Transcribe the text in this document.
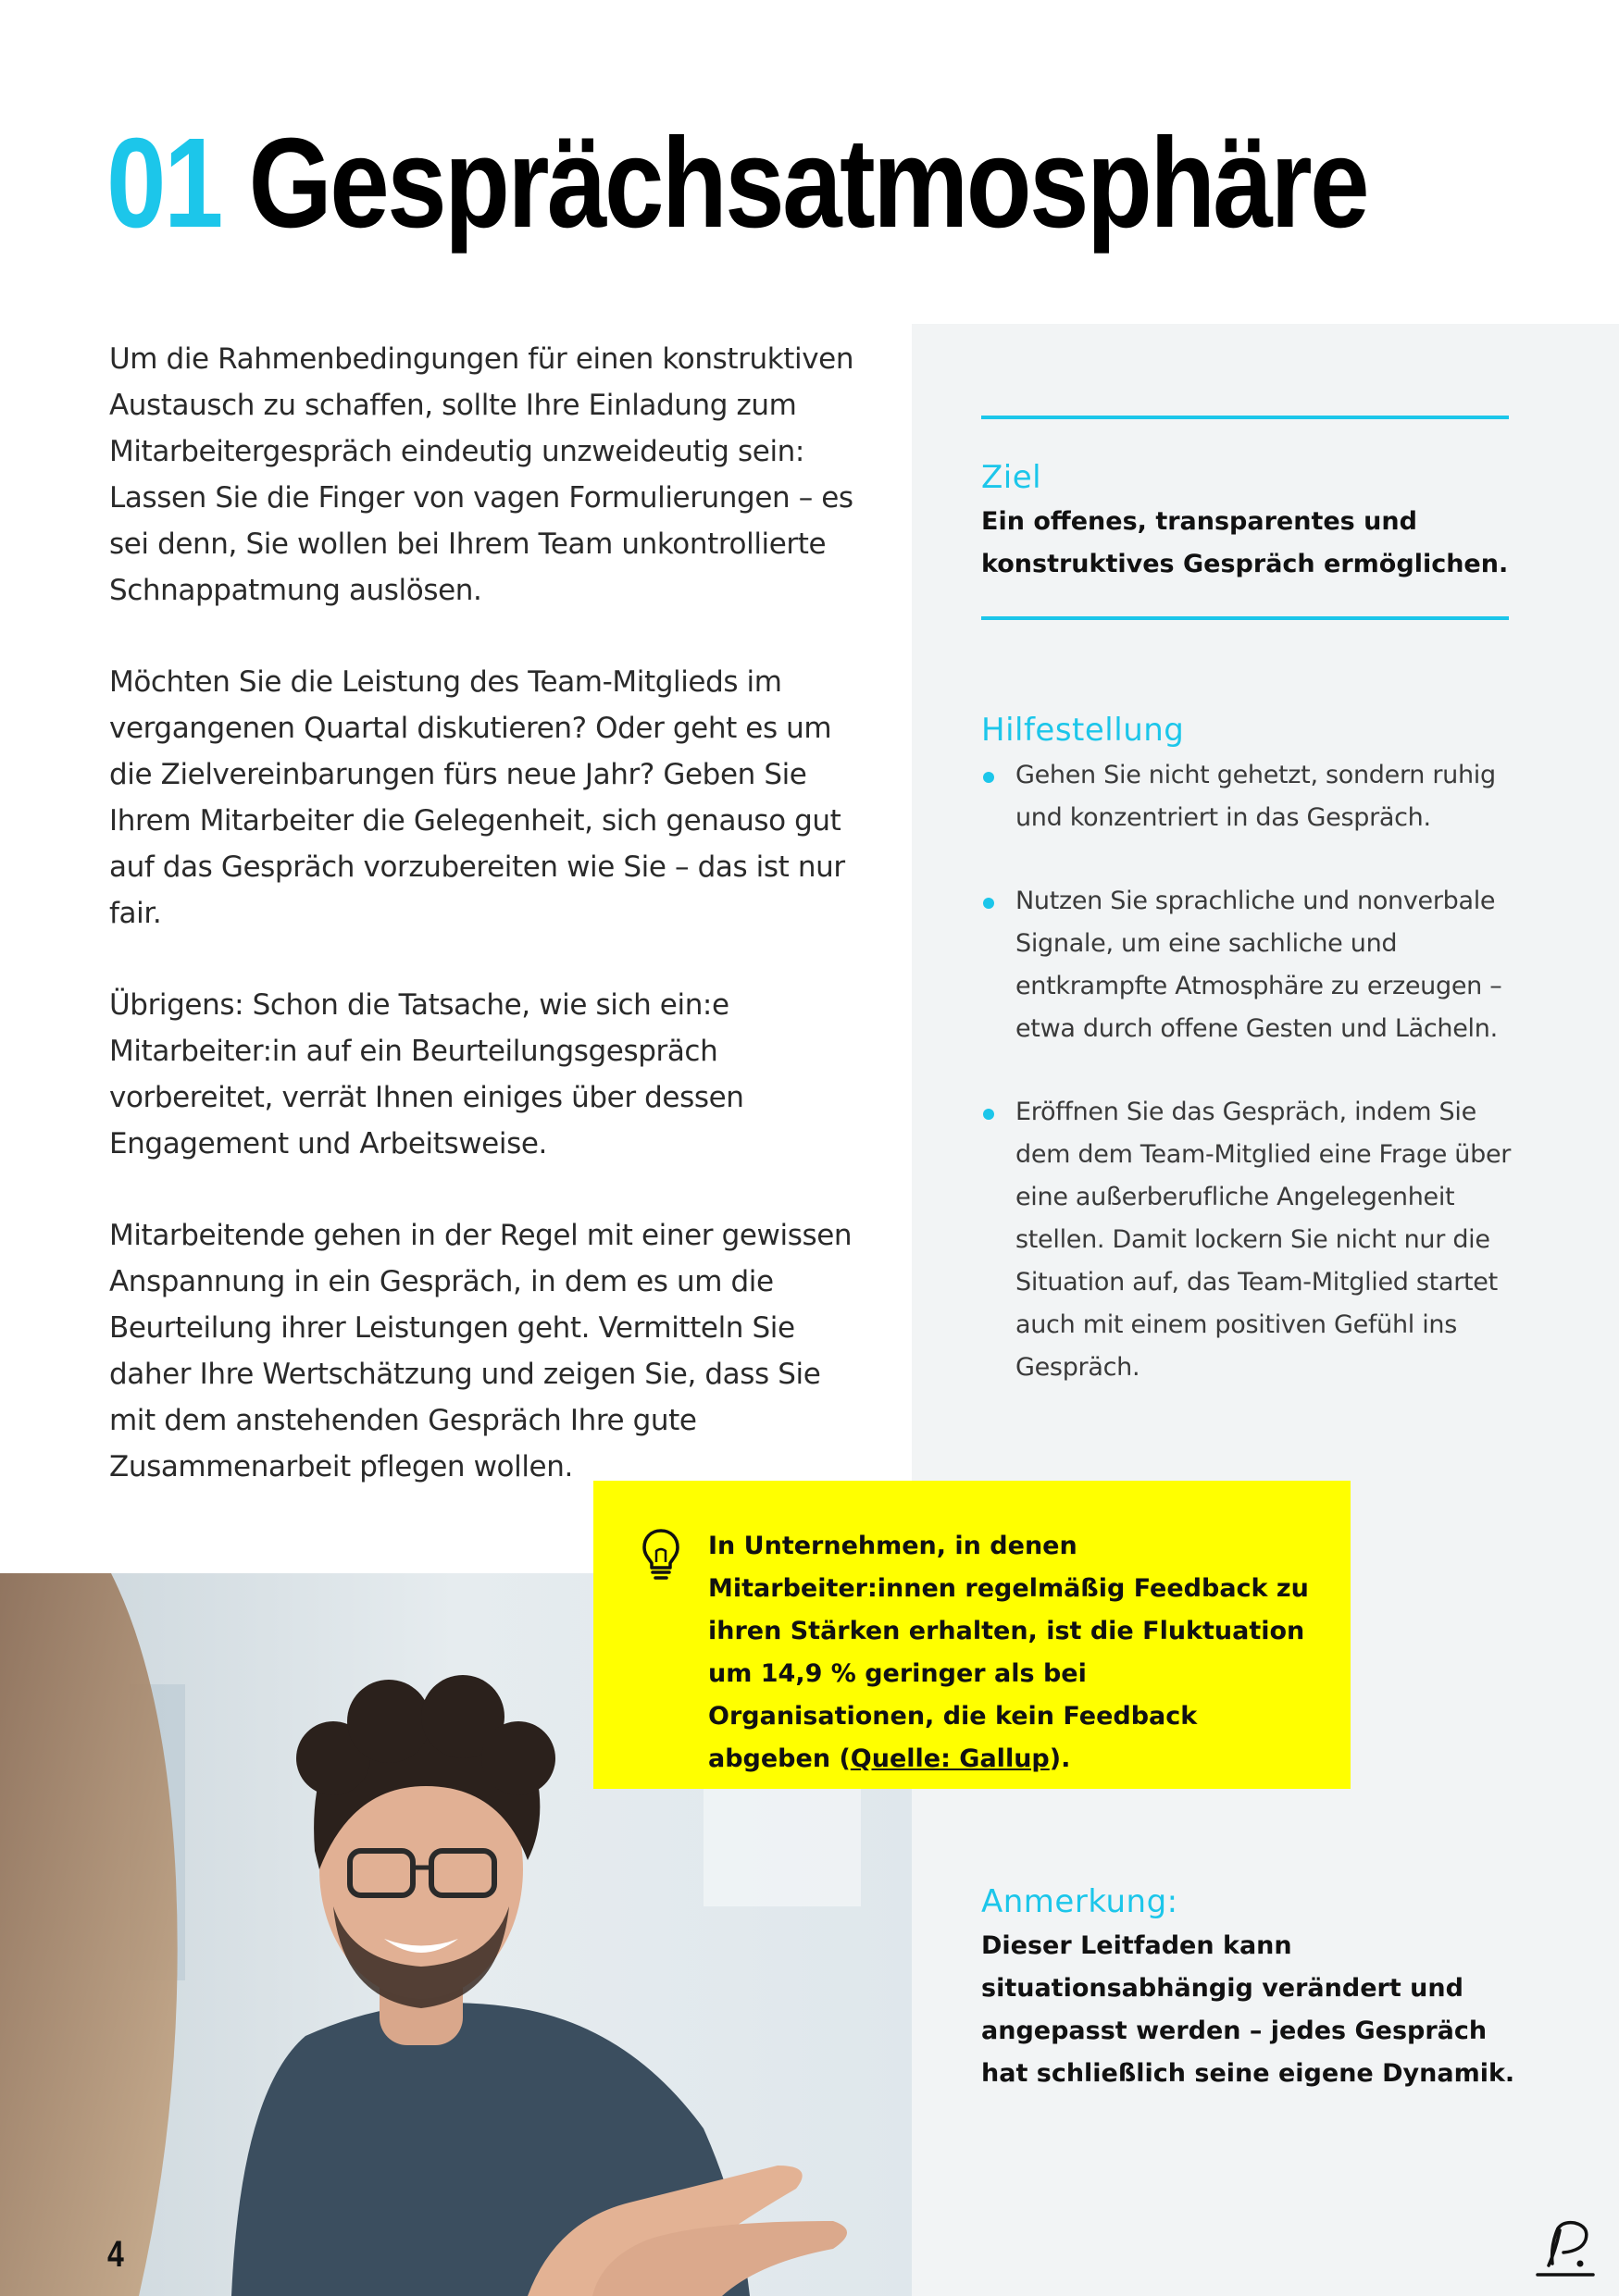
01 Gesprächsatmosphäre

Um die Rahmenbedingungen für einen konstruktiven Austausch zu schaffen, sollte Ihre Einladung zum Mitarbeitergespräch eindeutig unzweideutig sein: Lassen Sie die Finger von vagen Formulierungen – es sei denn, Sie wollen bei Ihrem Team unkontrollierte Schnappatmung auslösen.

Möchten Sie die Leistung des Team-Mitglieds im vergangenen Quartal diskutieren? Oder geht es um die Zielvereinbarungen fürs neue Jahr? Geben Sie Ihrem Mitarbeiter die Gelegenheit, sich genauso gut auf das Gespräch vorzubereiten wie Sie – das ist nur fair.

Übrigens: Schon die Tatsache, wie sich ein:e Mitarbeiter:in auf ein Beurteilungsgespräch vorbereitet, verrät Ihnen einiges über dessen Engagement und Arbeitsweise.

Mitarbeitende gehen in der Regel mit einer gewissen Anspannung in ein Gespräch, in dem es um die Beurteilung ihrer Leistungen geht. Vermitteln Sie daher Ihre Wertschätzung und zeigen Sie, dass Sie mit dem anstehenden Gespräch Ihre gute Zusammenarbeit pflegen wollen.

Ziel
Ein offenes, transparentes und konstruktives Gespräch ermöglichen.
Hilfestellung
Gehen Sie nicht gehetzt, sondern ruhig und konzentriert in das Gespräch.
Nutzen Sie sprachliche und nonverbale Signale, um eine sachliche und entkrampfte Atmosphäre zu erzeugen – etwa durch offene Gesten und Lächeln.
Eröffnen Sie das Gespräch, indem Sie dem dem Team-Mitglied eine Frage über eine außerberufliche Angelegenheit stellen. Damit lockern Sie nicht nur die Situation auf, das Team-Mitglied startet auch mit einem positiven Gefühl ins Gespräch.
Anmerkung:
Dieser Leitfaden kann situationsabhängig verändert und angepasst werden – jedes Gespräch hat schließlich seine eigene Dynamik.

In Unternehmen, in denen Mitarbeiter:innen regelmäßig Feedback zu ihren Stärken erhalten, ist die Fluktuation um 14,9 % geringer als bei Organisationen, die kein Feedback abgeben (Quelle: Gallup).

4
